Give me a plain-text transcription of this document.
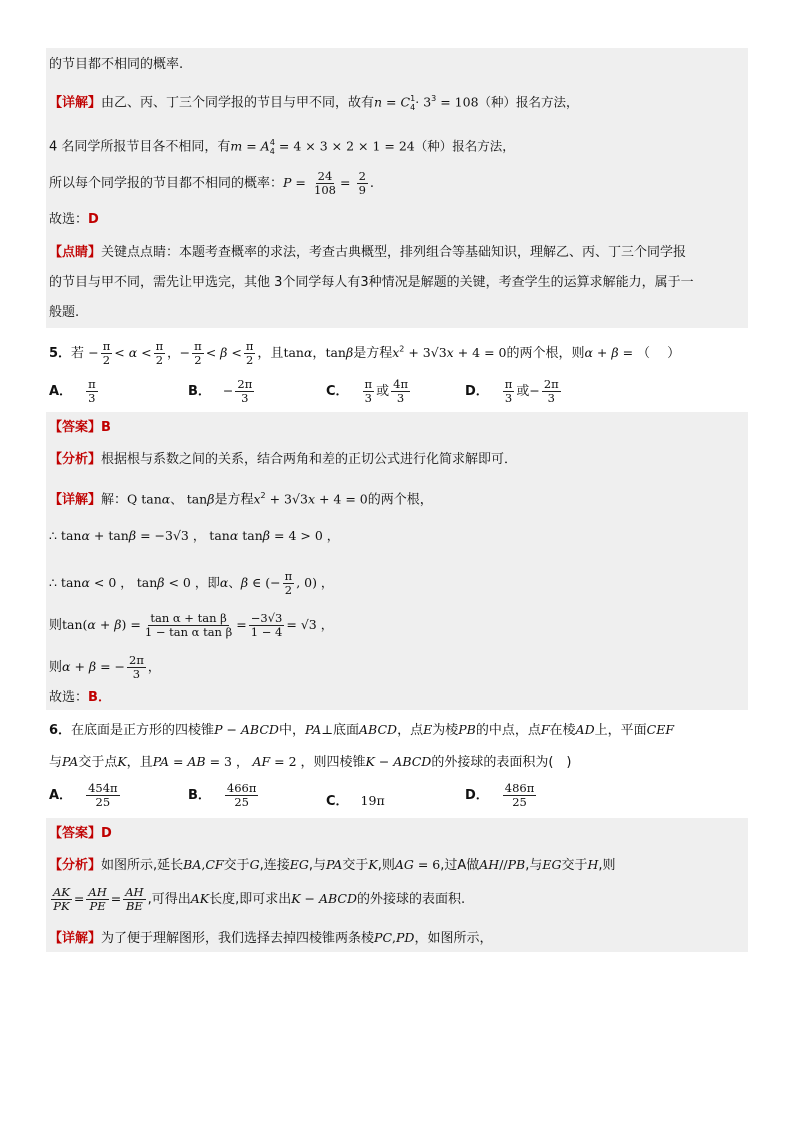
的节目都不相同的概率.
【详解】由乙、丙、丁三个同学报的节目与甲不同，故有$n = C_4^1\cdot 3^3 = 108$（种）报名方法，
4 名同学所报节目各不相同，有$m = A_4^4 = 4 \times 3 \times 2 \times 1 = 24$（种）报名方法，
所以每个同学报的节目都不相同的概率：$P = \frac{24}{108} = \frac{2}{9}$ .
故选：D
【点睛】关键点点睛：本题考查概率的求法，考查古典概型，排列组合等基础知识，理解乙、丙、丁三个同学报
的节目与甲不同，需先让甲选完，其他 3个同学每人有3种情况是解题的关键，考查学生的运算求解能力，属于一
般题.
5．若 − $\frac{\pi}{2} < \alpha < \frac{\pi}{2}$ ，− $\frac{\pi}{2} < \beta < \frac{\pi}{2}$ ，且tanα，tanβ是方程$x^2 + 3√3x + 4 = 0$的两个根，则α + β = （　 ）
A． $\frac{\pi}{3}$	B． − $\frac{2\pi}{3}$	C． $\frac{\pi}{3}$ 或 $\frac{4\pi}{3}$	D． $\frac{\pi}{3}$ 或− $\frac{2\pi}{3}$
【答案】B
【分析】根据根与系数之间的关系，结合两角和差的正切公式进行化简求解即可．
【详解】解：Q tanα、 tanβ是方程$x^2 + 3√3x + 4 = 0$的两个根，
∴ tanα + tanβ = −3√3 ， tanα tanβ = 4 > 0 ，
∴ tanα < 0 ， tanβ < 0 ，即α、β ∈ (− $\frac{\pi}{2}$ , 0) ，
则$\tan(\alpha + \beta) = \frac{\text{tan α + tan β}}{\text{1 − tan α tan β}} = \frac{-3√3}{1 - 4} = √3$ ，
则α + β = − $\frac{2\pi}{3}$ ，
故选：B．
6．在底面是正方形的四棱锥P − ABCD中，PA⊥底面ABCD，点E为棱PB的中点，点F在棱AD上，平面CEF
与PA交于点K，且PA = AB = 3 ， AF = 2 ，则四棱锥K − ABCD的外接球的表面积为(　)
A． $\frac{454\pi}{25}$	B． $\frac{466\pi}{25}$	C． 19π	D． $\frac{486\pi}{25}$
【答案】D
【分析】如图所示,延长BA,CF交于G,连接EG,与PA交于K,则AG = 6,过A做AH//PB,与EG交于H,则
$\frac{AK}{PK} = \frac{AH}{PE} = \frac{AH}{BE}$ ,可得出AK长度,即可求出K − ABCD的外接球的表面积.
【详解】为了便于理解图形，我们选择去掉四棱锥两条棱PC,PD，如图所示，
